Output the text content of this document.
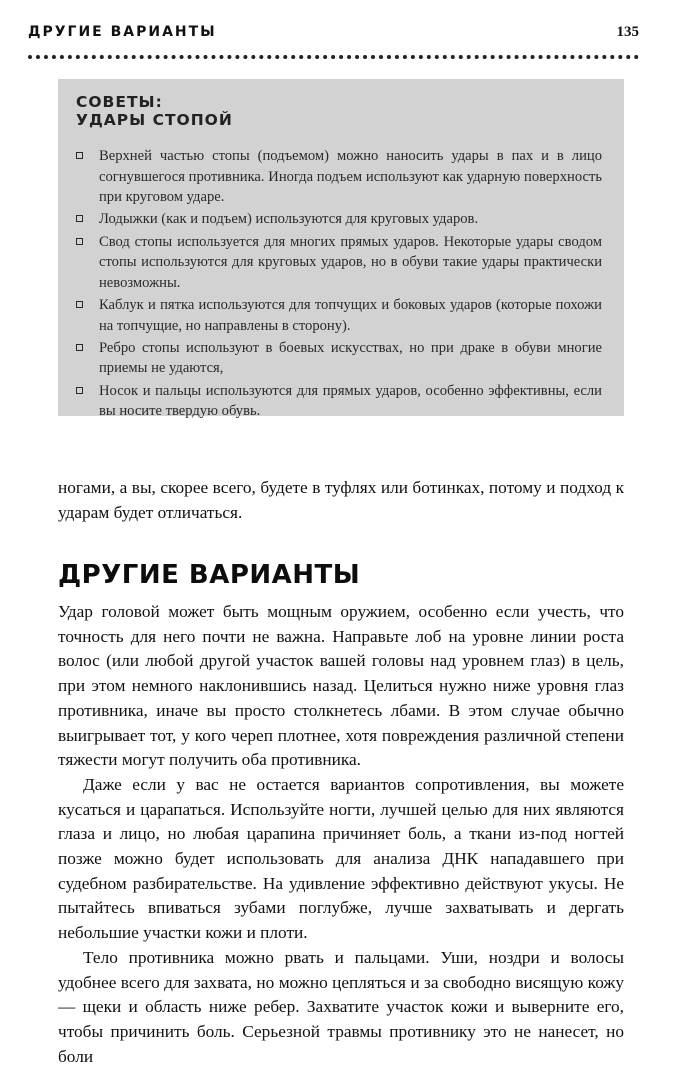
ДРУГИЕ ВАРИАНТЫ	135
СОВЕТЫ:
УДАРЫ СТОПОЙ
Верхней частью стопы (подъемом) можно наносить удары в пах и в лицо согнувшегося противника. Иногда подъем используют как ударную поверхность при круговом ударе.
Лодыжки (как и подъем) используются для круговых ударов.
Свод стопы используется для многих прямых ударов. Некоторые удары сводом стопы используются для круговых ударов, но в обуви такие удары практически невозможны.
Каблук и пятка используются для топчущих и боковых ударов (которые похожи на топчущие, но направлены в сторону).
Ребро стопы используют в боевых искусствах, но при драке в обуви многие приемы не удаются,
Носок и пальцы используются для прямых ударов, особенно эффективны, если вы носите твердую обувь.

ногами, а вы, скорее всего, будете в туфлях или ботинках, потому и подход к ударам будет отличаться.

ДРУГИЕ ВАРИАНТЫ

Удар головой может быть мощным оружием, особенно если учесть, что точность для него почти не важна. Направьте лоб на уровне линии роста волос (или любой другой участок вашей головы над уровнем глаз) в цель, при этом немного наклонившись назад. Целиться нужно ниже уровня глаз противника, иначе вы просто столкнетесь лбами. В этом случае обычно выигрывает тот, у кого череп плотнее, хотя повреждения различной степени тяжести могут получить оба противника.

Даже если у вас не остается вариантов сопротивления, вы можете кусаться и царапаться. Используйте ногти, лучшей целью для них являются глаза и лицо, но любая царапина причиняет боль, а ткани из-под ногтей позже можно будет использовать для анализа ДНК нападавшего при судебном разбирательстве. На удивление эффективно действуют укусы. Не пытайтесь впиваться зубами поглубже, лучше захватывать и дергать небольшие участки кожи и плоти.

Тело противника можно рвать и пальцами. Уши, ноздри и волосы удобнее всего для захвата, но можно цепляться и за свободно висящую кожу — щеки и область ниже ребер. Захватите участок кожи и выверните его, чтобы причинить боль. Серьезной травмы противнику это не нанесет, но боли
